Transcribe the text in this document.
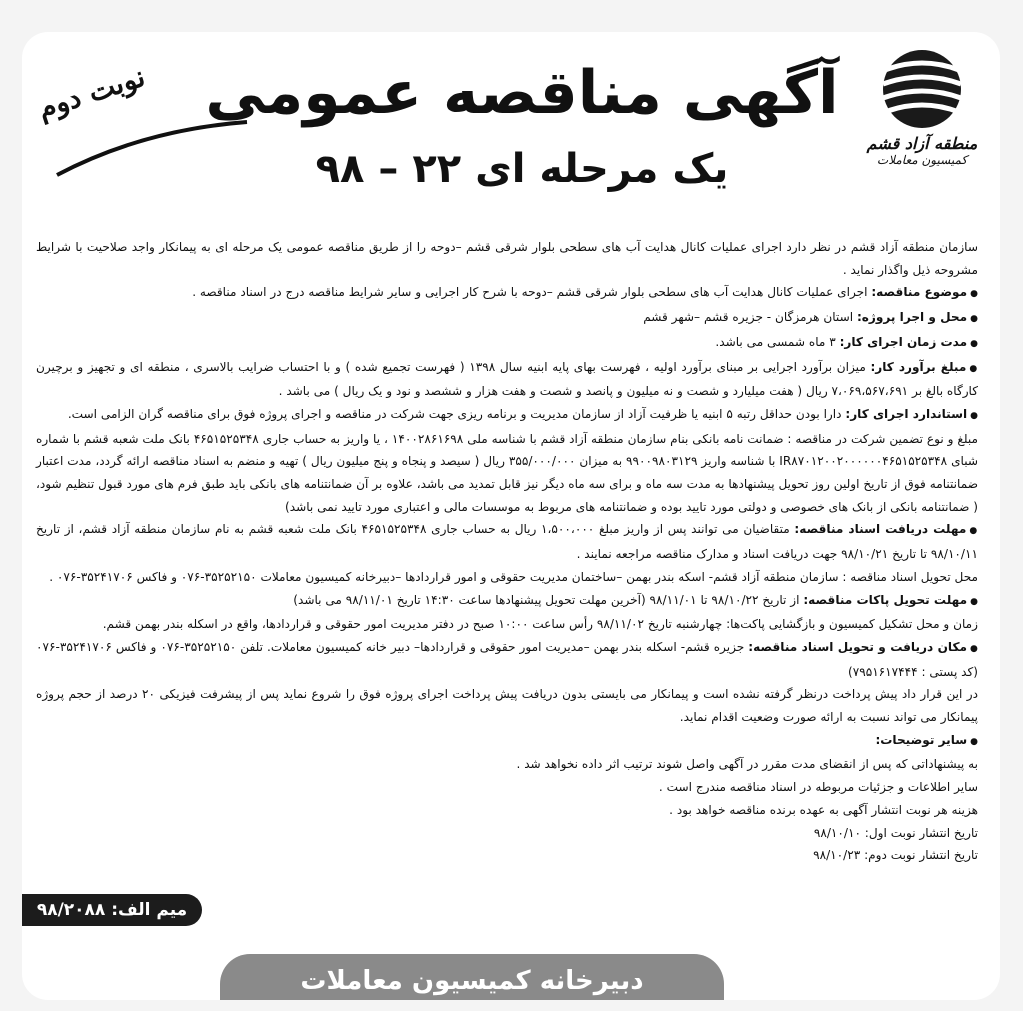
منطقه آزاد قشم
کمیسیون معاملات
آگهی مناقصه عمومی
یک مرحله ای ۲۲ – ۹۸
نوبت دوم

سازمان منطقه آزاد قشم در نظر دارد اجرای عملیات کانال هدایت آب های سطحی بلوار شرقی قشم –دوحه را از طریق مناقصه عمومی یک مرحله ای به پیمانکار واجد صلاحیت با شرایط مشروحه ذیل واگذار نماید .

● موضوع مناقصه: اجرای عملیات کانال هدایت آب های سطحی بلوار شرقی قشم –دوحه با شرح کار اجرایی و سایر شرایط مناقصه درج در اسناد مناقصه .

● محل و اجرا پروژه: استان هرمزگان - جزیره قشم –شهر قشم

● مدت زمان اجرای کار: ۳ ماه شمسی می باشد.

● مبلغ برآورد کار: میزان برآورد اجرایی بر مبنای برآورد اولیه ، فهرست بهای پایه ابنیه سال ۱۳۹۸ ( فهرست تجمیع شده ) و با احتساب ضرایب بالاسری ، منطقه ای و تجهیز و برچیرن کارگاه بالغ بر ۷،۰۶۹،۵۶۷،۶۹۱ ریال ( هفت میلیارد و شصت و نه میلیون و پانصد و شصت و هفت هزار و ششصد و نود و یک ریال ) می باشد .

● استاندارد اجرای کار: دارا بودن حداقل رتبه ۵ ابنیه یا ظرفیت آزاد از سازمان مدیریت و برنامه ریزی جهت شرکت در مناقصه و اجرای پروژه فوق برای مناقصه گران الزامی است.

مبلغ و نوع تضمین شرکت در مناقصه : ضمانت نامه بانکی بنام سازمان منطقه آزاد قشم با شناسه ملی ۱۴۰۰۲۸۶۱۶۹۸ ، یا واریز به حساب جاری ۴۶۵۱۵۲۵۳۴۸ بانک ملت شعبه قشم با شماره شبای IR۸۷۰۱۲۰۰۲۰۰۰۰۰۰۴۶۵۱۵۲۵۳۴۸ با شناسه واریز ۹۹۰۰۹۸۰۳۱۲۹ به میزان ۳۵۵/۰۰۰/۰۰۰ ریال ( سیصد و پنجاه و پنج میلیون ریال ) تهیه و منضم به اسناد مناقصه ارائه گردد، مدت اعتبار ضمانتنامه فوق از تاریخ اولین روز تحویل پیشنهادها به مدت سه ماه و برای سه ماه دیگر نیز قابل تمدید می باشد، علاوه بر آن ضمانتنامه های بانکی باید طبق فرم های مورد قبول تنظیم شود،( ضمانتنامه بانکی از بانک های خصوصی و دولتی مورد تایید بوده و ضمانتنامه های مربوط به موسسات مالی و اعتباری مورد تایید نمی باشد)

● مهلت دریافت اسناد مناقصه: متقاضیان می توانند پس از واریز مبلغ ۱،۵۰۰،۰۰۰ ریال به حساب جاری ۴۶۵۱۵۲۵۳۴۸ بانک ملت شعبه قشم به نام سازمان منطقه آزاد قشم، از تاریخ ۹۸/۱۰/۱۱ تا تاریخ ۹۸/۱۰/۲۱ جهت دریافت اسناد و مدارک مناقصه مراجعه نمایند .

محل تحویل اسناد مناقصه : سازمان منطقه آزاد قشم- اسکه بندر بهمن –ساختمان مدیریت حقوقی و امور قراردادها –دبیرخانه کمیسیون معاملات ۳۵۲۵۲۱۵۰-۰۷۶ و فاکس ۳۵۲۴۱۷۰۶-۰۷۶ .

● مهلت تحویل پاکات مناقصه: از تاریخ ۹۸/۱۰/۲۲ تا ۹۸/۱۱/۰۱ (آخرین مهلت تحویل پیشنهادها ساعت ۱۴:۳۰ تاریخ ۹۸/۱۱/۰۱ می باشد)

زمان و محل تشکیل کمیسیون و بازگشایی پاکت‌ها: چهارشنبه تاریخ ۹۸/۱۱/۰۲ رأس ساعت ۱۰:۰۰ صبح در دفتر مدیریت امور حقوقی و قراردادها، واقع در اسکله بندر بهمن قشم.

● مکان دریافت و تحویل اسناد مناقصه: جزیره قشم- اسکله بندر بهمن –مدیریت امور حقوقی و قراردادها– دبیر خانه کمیسیون معاملات. تلفن ۳۵۲۵۲۱۵۰-۰۷۶ و فاکس ۳۵۲۴۱۷۰۶-۰۷۶ (کد پستی : ۷۹۵۱۶۱۷۴۴۴)

در این قرار داد پیش پرداخت درنظر گرفته نشده است و پیمانکار می بایستی بدون دریافت پیش پرداخت اجرای پروژه فوق را شروع نماید پس از پیشرفت فیزیکی ۲۰ درصد از حجم پروژه پیمانکار می تواند نسبت به ارائه صورت وضعیت اقدام نماید.

● سایر توضیحات:

به پیشنهاداتی که پس از انقضای مدت مقرر در آگهی واصل شوند ترتیب اثر داده نخواهد شد .

سایر اطلاعات و جزئیات مربوطه در اسناد مناقصه مندرج است .

هزینه هر نوبت انتشار آگهی به عهده برنده مناقصه خواهد بود .

تاریخ انتشار نوبت اول: ۹۸/۱۰/۱۰

تاریخ انتشار نوبت دوم: ۹۸/۱۰/۲۳

میم الف: ۹۸/۲۰۸۸
دبیرخانه کمیسیون معاملات
